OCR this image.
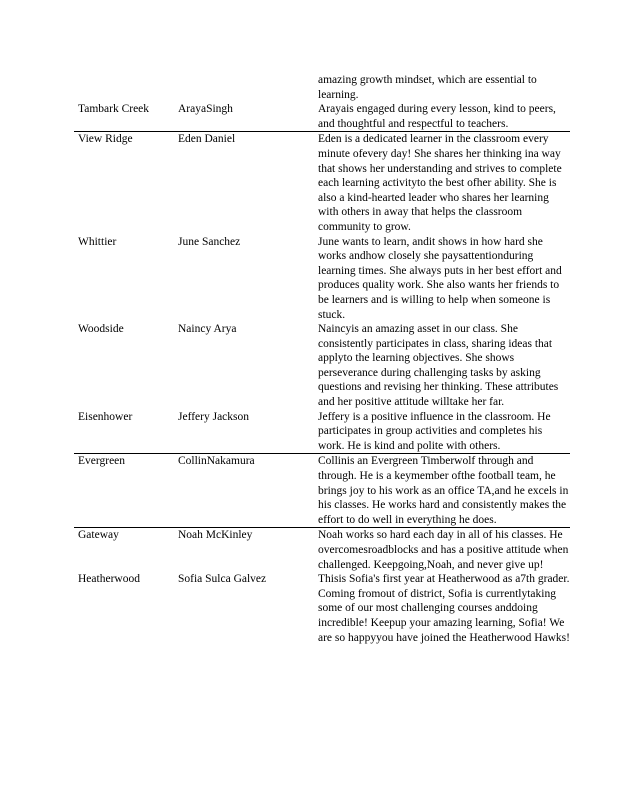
amazing growth mindset, which are essential to learning.
Tambark Creek	ArayaSingh	Arayais engaged during every lesson, kind to peers, and thoughtful and respectful to teachers.
View Ridge	Eden Daniel	Eden is a dedicated learner in the classroom every minute ofevery day! She shares her thinking ina way that shows her understanding and strives to complete each learning activityto the best ofher ability. She is also a kind-hearted leader who shares her learning with others in away that helps the classroom community to grow.
Whittier	June Sanchez	June wants to learn, andit shows in how hard she works andhow closely she paysattentionduring learning times. She always puts in her best effort and produces quality work. She also wants her friends to be learners and is willing to help when someone is stuck.
Woodside	Naincy Arya	Naincyis an amazing asset in our class. She consistently participates in class, sharing ideas that applyto the learning objectives. She shows perseverance during challenging tasks by asking questions and revising her thinking. These attributes and her positive attitude willtake her far.
Eisenhower	Jeffery Jackson	Jeffery is a positive influence in the classroom. He participates in group activities and completes his work. He is kind and polite with others.
Evergreen	CollinNakamura	Collinis an Evergreen Timberwolf through and through. He is a keymember ofthe football team, he brings joy to his work as an office TA,and he excels in his classes. He works hard and consistently makes the effort to do well in everything he does.
Gateway	Noah McKinley	Noah works so hard each day in all of his classes. He overcomesroadblocks and has a positive attitude when challenged. Keepgoing,Noah, and never give up!
Heatherwood	Sofia Sulca Galvez	Thisis Sofia's first year at Heatherwood as a7th grader. Coming fromout of district, Sofia is currentlytaking some of our most challenging courses anddoing incredible! Keepup your amazing learning, Sofia! We are so happyyou have joined the Heatherwood Hawks!
